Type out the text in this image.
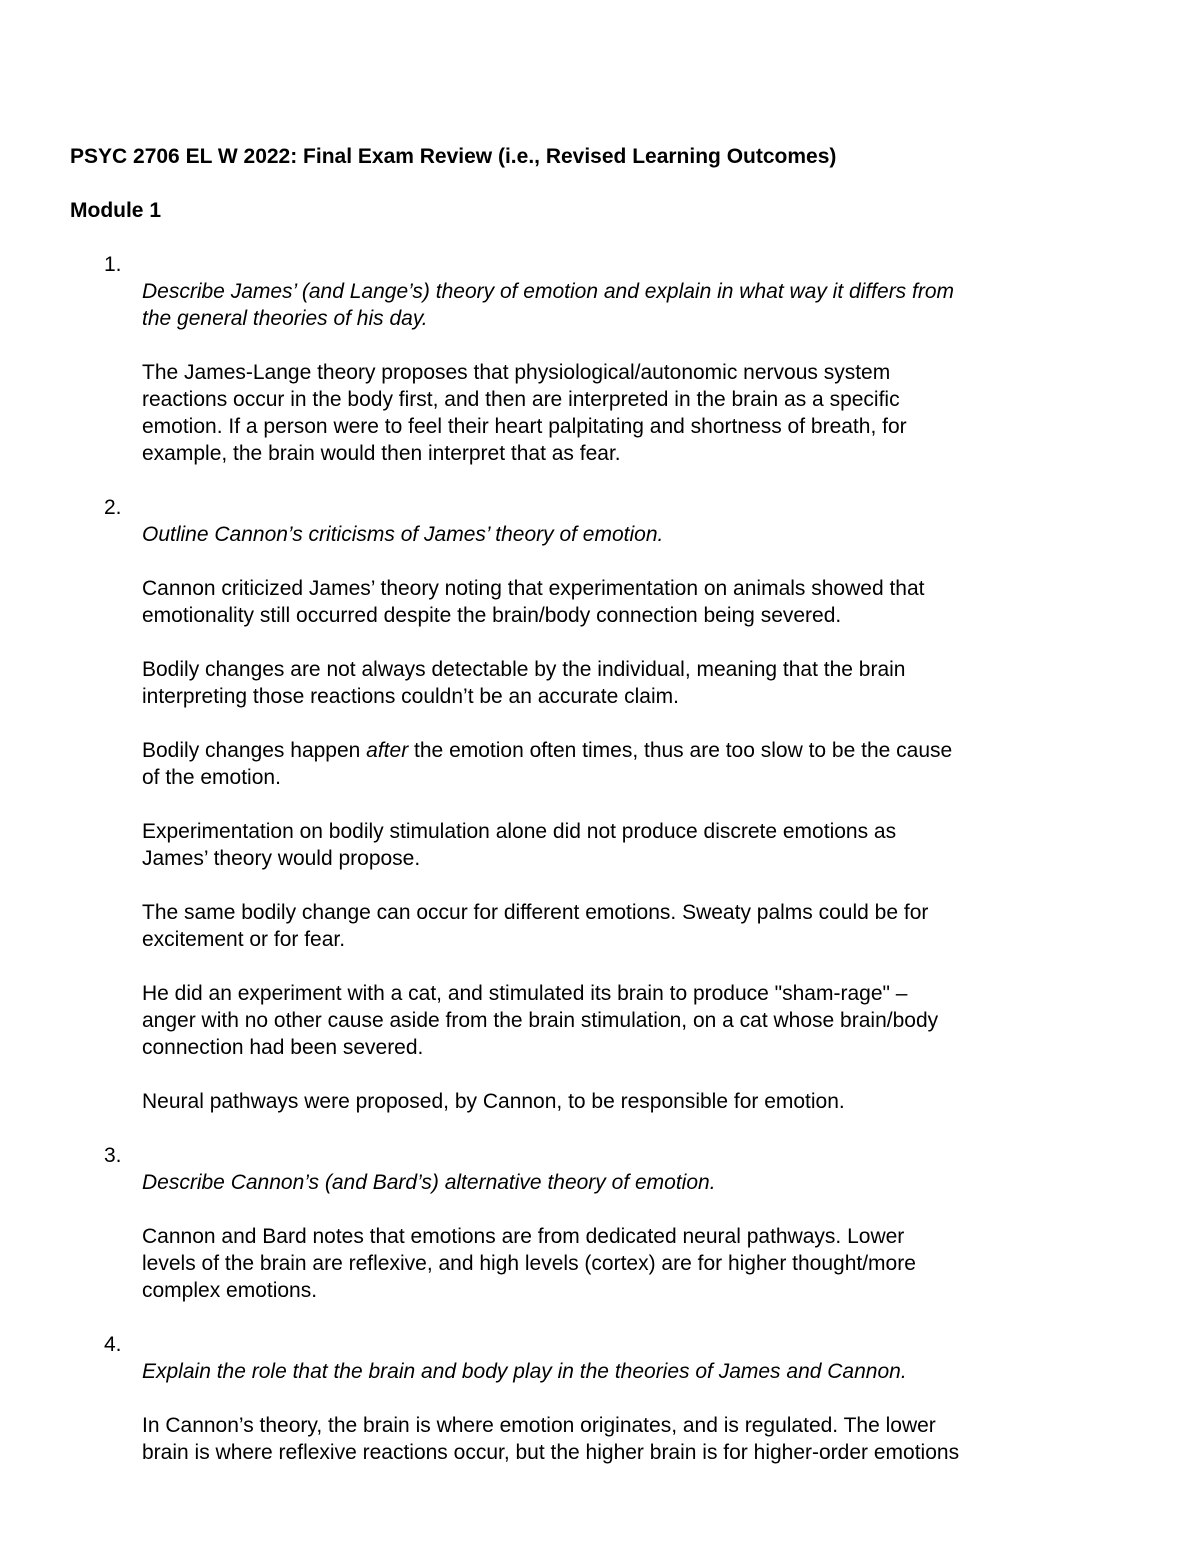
PSYC 2706 EL W 2022: Final Exam Review (i.e., Revised Learning Outcomes)
Module 1

1.
Describe James’ (and Lange’s) theory of emotion and explain in what way it differs from
the general theories of his day.

The James-Lange theory proposes that physiological/autonomic nervous system
reactions occur in the body first, and then are interpreted in the brain as a specific
emotion. If a person were to feel their heart palpitating and shortness of breath, for
example, the brain would then interpret that as fear.

2.
Outline Cannon’s criticisms of James’ theory of emotion.

Cannon criticized James’ theory noting that experimentation on animals showed that
emotionality still occurred despite the brain/body connection being severed.
Bodily changes are not always detectable by the individual, meaning that the brain
interpreting those reactions couldn’t be an accurate claim.
Bodily changes happen after the emotion often times, thus are too slow to be the cause
of the emotion.
Experimentation on bodily stimulation alone did not produce discrete emotions as
James’ theory would propose.
The same bodily change can occur for different emotions. Sweaty palms could be for
excitement or for fear.
He did an experiment with a cat, and stimulated its brain to produce "sham-rage" –
anger with no other cause aside from the brain stimulation, on a cat whose brain/body
connection had been severed.
Neural pathways were proposed, by Cannon, to be responsible for emotion.

3.
Describe Cannon’s (and Bard’s) alternative theory of emotion.

Cannon and Bard notes that emotions are from dedicated neural pathways. Lower
levels of the brain are reflexive, and high levels (cortex) are for higher thought/more
complex emotions.

4.
Explain the role that the brain and body play in the theories of James and Cannon.

In Cannon’s theory, the brain is where emotion originates, and is regulated. The lower
brain is where reflexive reactions occur, but the higher brain is for higher-order emotions
